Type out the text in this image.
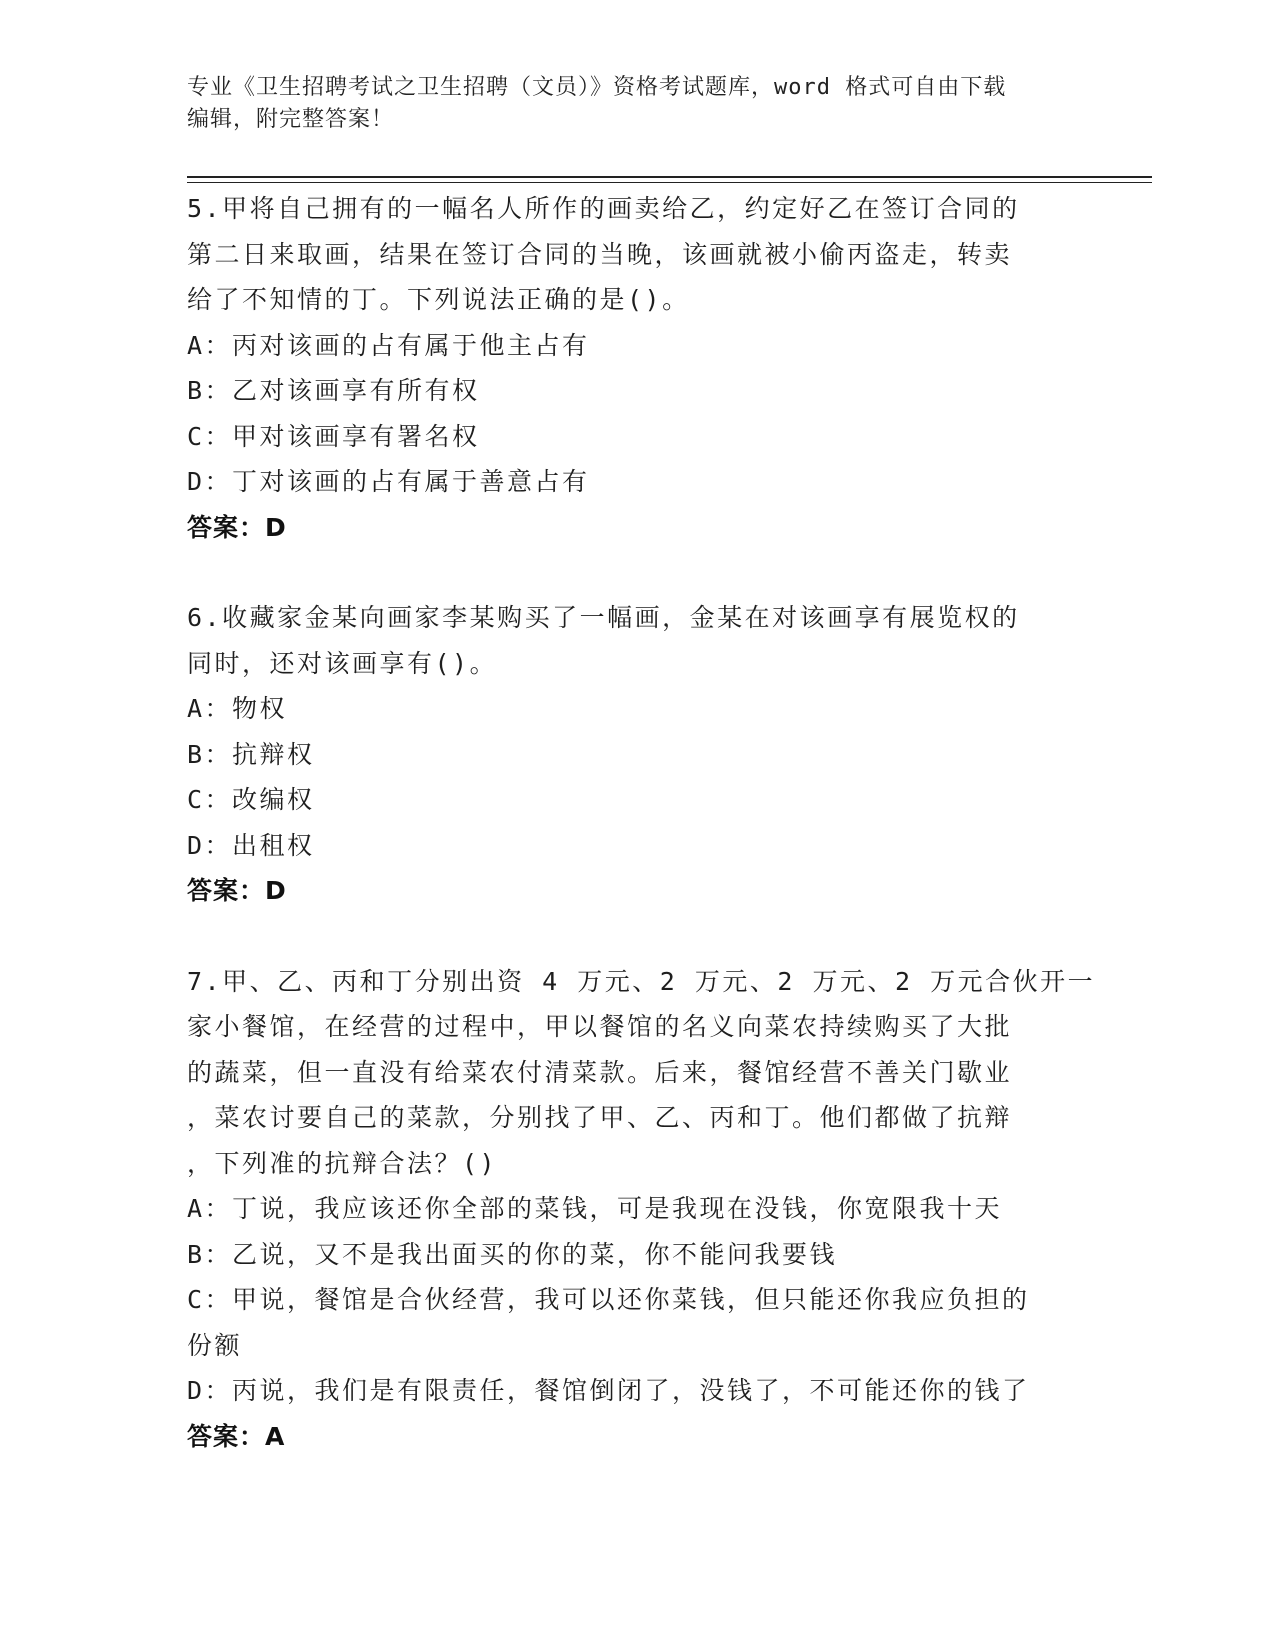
专业《卫生招聘考试之卫生招聘（文员）》资格考试题库，word 格式可自由下载
编辑，附完整答案！
5.甲将自己拥有的一幅名人所作的画卖给乙，约定好乙在签订合同的
第二日来取画，结果在签订合同的当晚，该画就被小偷丙盗走，转卖
给了不知情的丁。下列说法正确的是()。
A：丙对该画的占有属于他主占有
B：乙对该画享有所有权
C：甲对该画享有署名权
D：丁对该画的占有属于善意占有
答案：D
6.收藏家金某向画家李某购买了一幅画，金某在对该画享有展览权的
同时，还对该画享有()。
A：物权
B：抗辩权
C：改编权
D：出租权
答案：D
7.甲、乙、丙和丁分别出资 4 万元、2 万元、2 万元、2 万元合伙开一
家小餐馆，在经营的过程中，甲以餐馆的名义向菜农持续购买了大批
的蔬菜，但一直没有给菜农付清菜款。后来，餐馆经营不善关门歇业
，菜农讨要自己的菜款，分别找了甲、乙、丙和丁。他们都做了抗辩
，下列准的抗辩合法？()
A：丁说，我应该还你全部的菜钱，可是我现在没钱，你宽限我十天
B：乙说，又不是我出面买的你的菜，你不能问我要钱
C：甲说，餐馆是合伙经营，我可以还你菜钱，但只能还你我应负担的
份额
D：丙说，我们是有限责任，餐馆倒闭了，没钱了，不可能还你的钱了
答案：A
